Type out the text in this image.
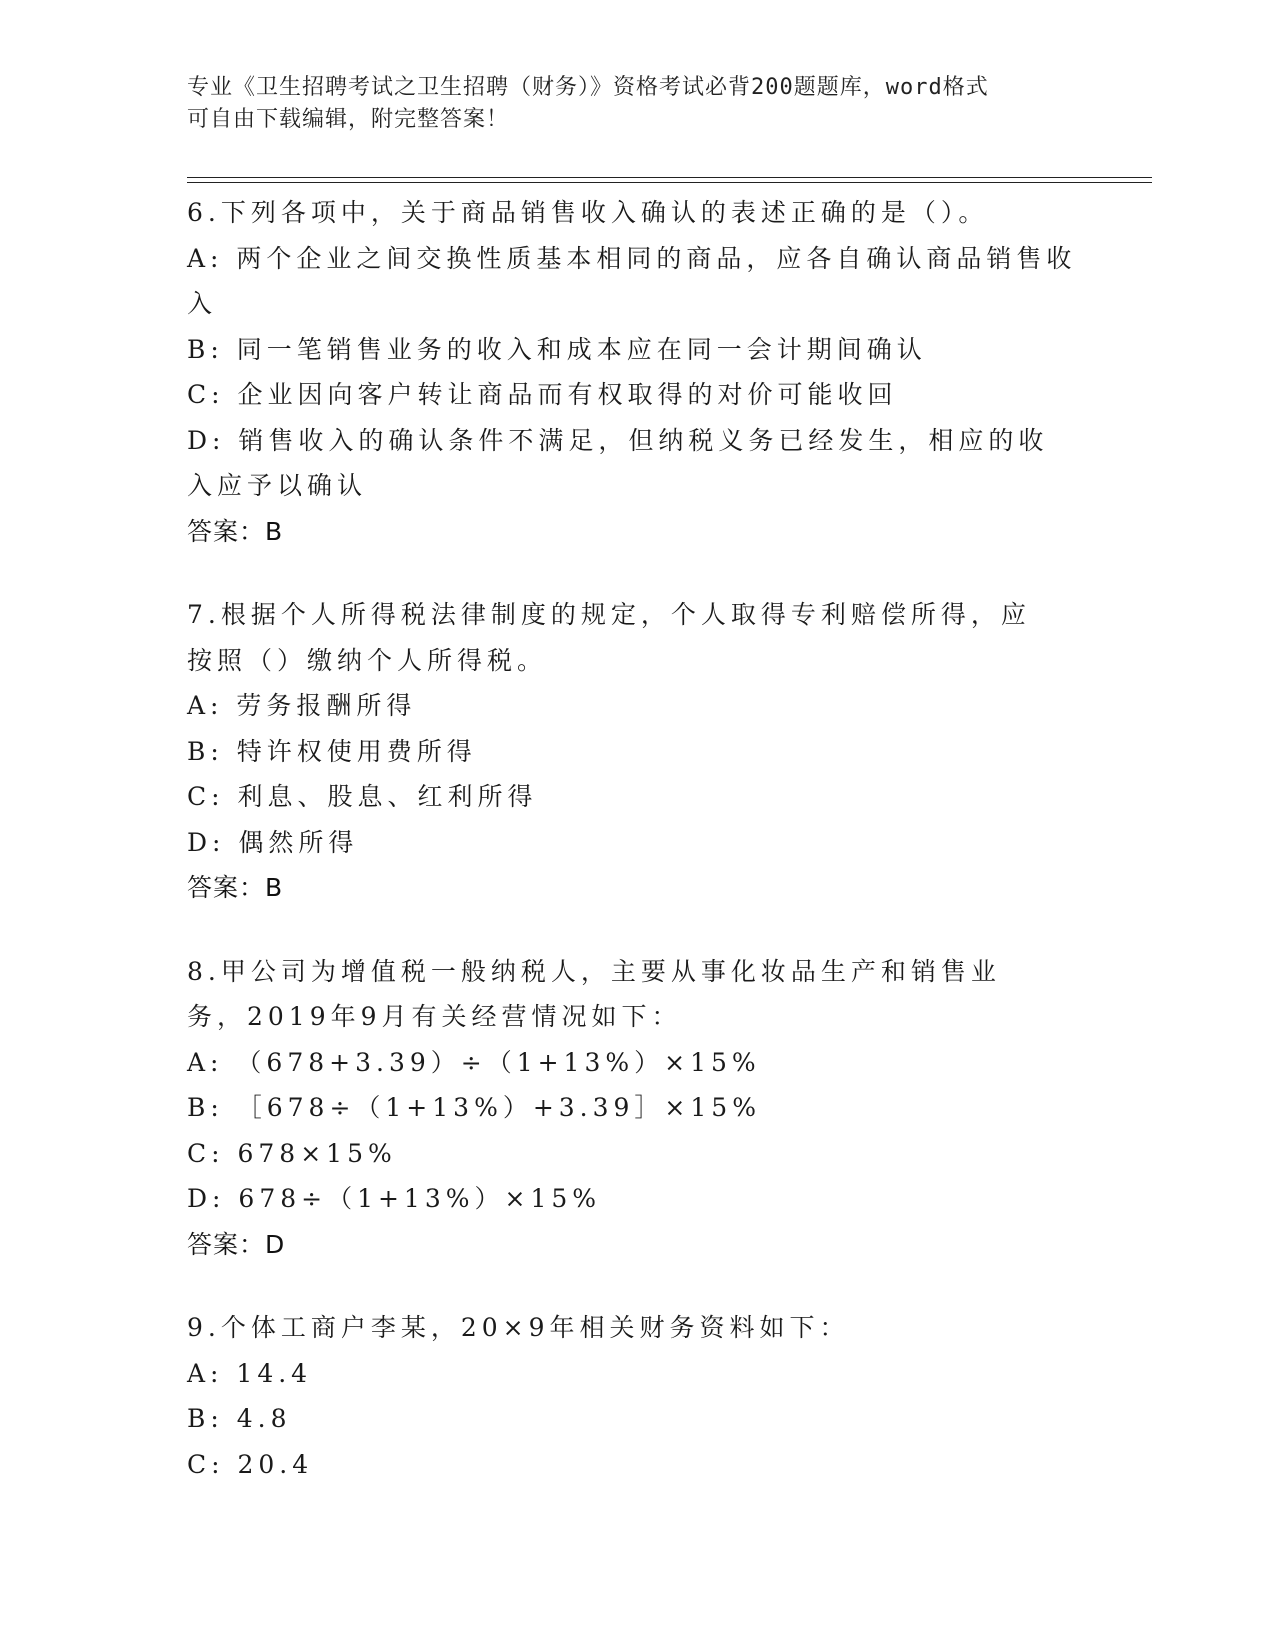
专业《卫生招聘考试之卫生招聘（财务）》资格考试必背200题题库，word格式
可自由下载编辑，附完整答案！
6.下列各项中，关于商品销售收入确认的表述正确的是（）。
A: 两个企业之间交换性质基本相同的商品，应各自确认商品销售收入
B: 同一笔销售业务的收入和成本应在同一会计期间确认
C: 企业因向客户转让商品而有权取得的对价可能收回
D: 销售收入的确认条件不满足，但纳税义务已经发生，相应的收入应予以确认
答案：B
7.根据个人所得税法律制度的规定，个人取得专利赔偿所得，应按照（）缴纳个人所得税。
A: 劳务报酬所得
B: 特许权使用费所得
C: 利息、股息、红利所得
D: 偶然所得
答案：B
8.甲公司为增值税一般纳税人，主要从事化妆品生产和销售业务，2019年9月有关经营情况如下：
A: （678+3.39）÷（1+13%）×15%
B: ［678÷（1+13%）+3.39］×15%
C: 678×15%
D: 678÷（1+13%）×15%
答案：D
9.个体工商户李某，20×9年相关财务资料如下：
A: 14.4
B: 4.8
C: 20.4
